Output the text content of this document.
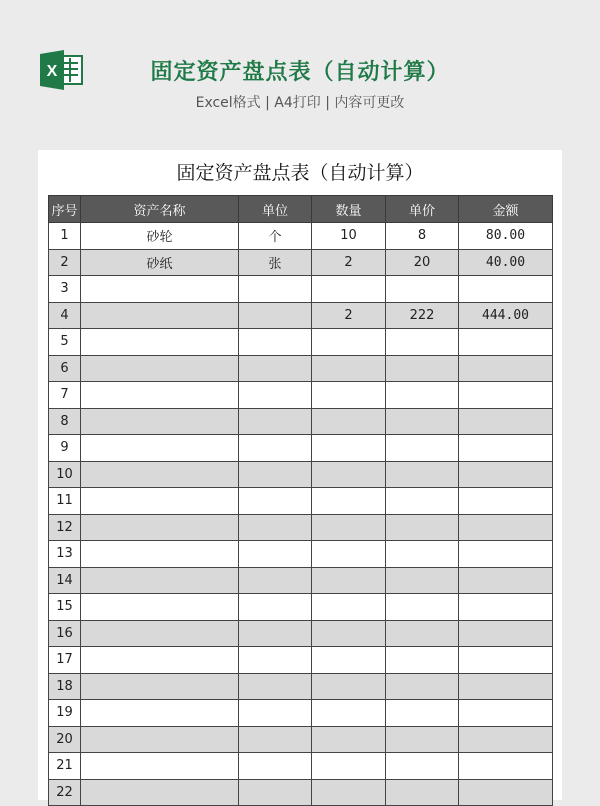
X	固定资产盘点表（自动计算）
Excel格式 | A4打印 | 内容可更改
固定资产盘点表（自动计算）
序号	资产名称	单位	数量	单价	金额
1	砂轮	个	10	8	80.00
2	砂纸	张	2	20	40.00
3					
4			2	222	444.00
5					
6					
7					
8					
9					
10					
11					
12					
13					
14					
15					
16					
17					
18					
19					
20					
21					
22					
